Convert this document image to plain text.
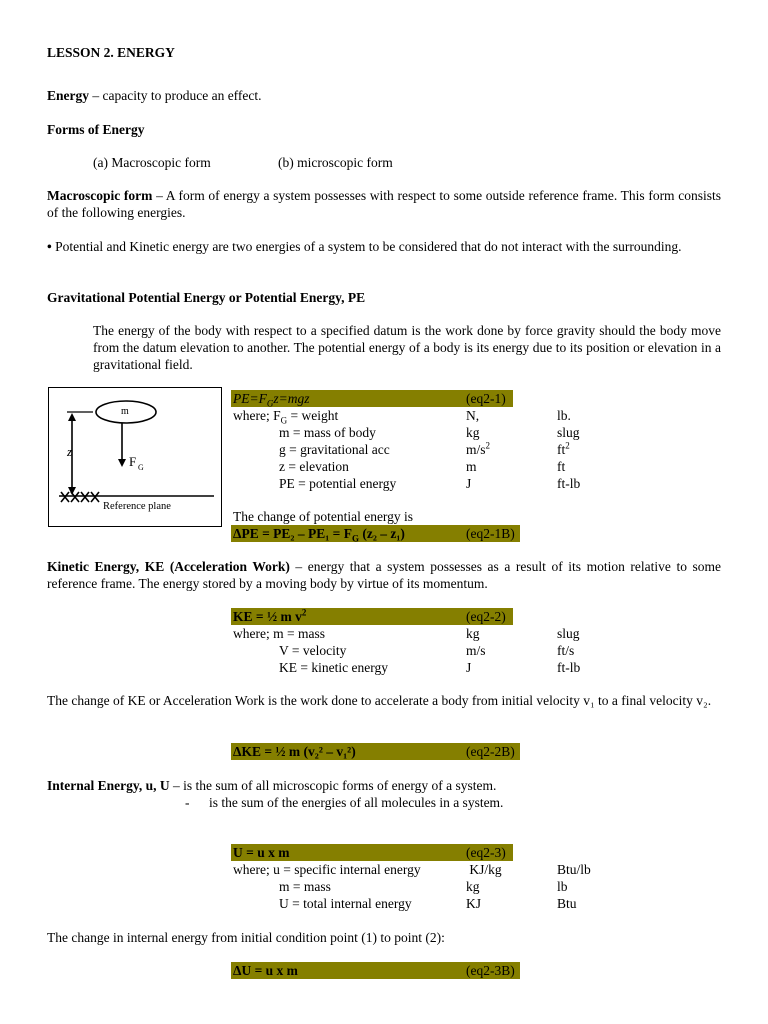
LESSON 2. ENERGY
Energy – capacity to produce an effect.
Forms of Energy
(a) Macroscopic form	(b) microscopic form
Macroscopic form – A form of energy a system possesses with respect to some outside reference frame. This form consists of the following energies.
• Potential and Kinetic energy are two energies of a system to be considered that do not interact with the surrounding.
Gravitational Potential Energy or Potential Energy, PE
The energy of the body with respect to a specified datum is the work done by force gravity should the body move from the datum elevation to another. The potential energy of a body is its energy due to its position or elevation in a gravitational field.
m
F G
z
Reference plane
$PE=F_Gz=mgz$	(eq2-1)
where; $F_G$ = weight	N,	lb.
m = mass of body	kg	slug
g = gravitational acc	$m/s^2$	$ft^2$
z = elevation	m	ft
PE = potential energy	J	ft-lb
The change of potential energy is
$\Delta PE = PE_2 - PE_1 = F_G$ (z₂ – z₁)	(eq2-1B)
Kinetic Energy, KE (Acceleration Work) – energy that a system possesses as a result of its motion relative to some reference frame. The energy stored by a moving body by virtue of its momentum.
KE = ½ m $v^2$	(eq2-2)
where; m = mass	kg	slug
V = velocity	m/s	ft/s
KE = kinetic energy	J	ft-lb
The change of KE or Acceleration Work is the work done to accelerate a body from initial velocity v₁ to a final velocity v₂.
ΔKE = ½ m (v₂² – v₁²)	(eq2-2B)
Internal Energy, u, U – is the sum of all microscopic forms of energy of a system.
- is the sum of the energies of all molecules in a system.
U = u x m	(eq2-3)
where; u = specific internal energy	KJ/kg	Btu/lb
m = mass	kg	lb
U = total internal energy	KJ	Btu
The change in internal energy from initial condition point (1) to point (2):
ΔU = u x m	(eq2-3B)
